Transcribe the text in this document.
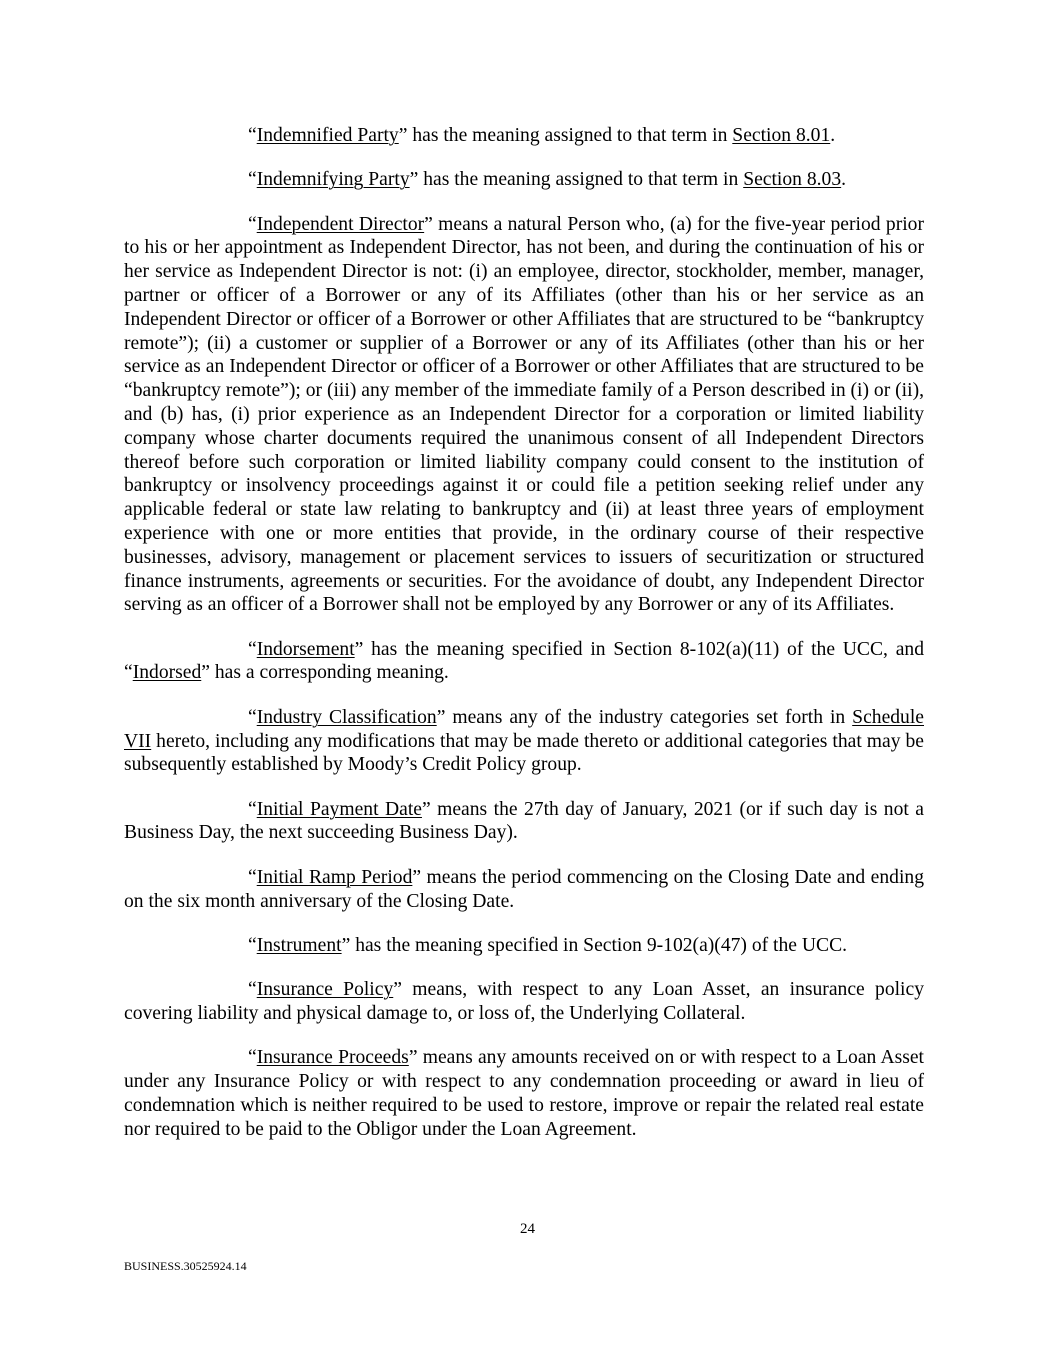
“Indemnified Party” has the meaning assigned to that term in Section 8.01.

“Indemnifying Party” has the meaning assigned to that term in Section 8.03.

“Independent Director” means a natural Person who, (a) for the five-year period prior to his or her appointment as Independent Director, has not been, and during the continuation of his or her service as Independent Director is not: (i) an employee, director, stockholder, member, manager, partner or officer of a Borrower or any of its Affiliates (other than his or her service as an Independent Director or officer of a Borrower or other Affiliates that are structured to be “bankruptcy remote”); (ii) a customer or supplier of a Borrower or any of its Affiliates (other than his or her service as an Independent Director or officer of a Borrower or other Affiliates that are structured to be “bankruptcy remote”); or (iii) any member of the immediate family of a Person described in (i) or (ii), and (b) has, (i) prior experience as an Independent Director for a corporation or limited liability company whose charter documents required the unanimous consent of all Independent Directors thereof before such corporation or limited liability company could consent to the institution of bankruptcy or insolvency proceedings against it or could file a petition seeking relief under any applicable federal or state law relating to bankruptcy and (ii) at least three years of employment experience with one or more entities that provide, in the ordinary course of their respective businesses, advisory, management or placement services to issuers of securitization or structured finance instruments, agreements or securities. For the avoidance of doubt, any Independent Director serving as an officer of a Borrower shall not be employed by any Borrower or any of its Affiliates.

“Indorsement” has the meaning specified in Section 8-102(a)(11) of the UCC, and “Indorsed” has a corresponding meaning.

“Industry Classification” means any of the industry categories set forth in Schedule VII hereto, including any modifications that may be made thereto or additional categories that may be subsequently established by Moody’s Credit Policy group.

“Initial Payment Date” means the 27th day of January, 2021 (or if such day is not a Business Day, the next succeeding Business Day).

“Initial Ramp Period” means the period commencing on the Closing Date and ending on the six month anniversary of the Closing Date.

“Instrument” has the meaning specified in Section 9-102(a)(47) of the UCC.

“Insurance Policy” means, with respect to any Loan Asset, an insurance policy covering liability and physical damage to, or loss of, the Underlying Collateral.

“Insurance Proceeds” means any amounts received on or with respect to a Loan Asset under any Insurance Policy or with respect to any condemnation proceeding or award in lieu of condemnation which is neither required to be used to restore, improve or repair the related real estate nor required to be paid to the Obligor under the Loan Agreement.

24
BUSINESS.30525924.14
